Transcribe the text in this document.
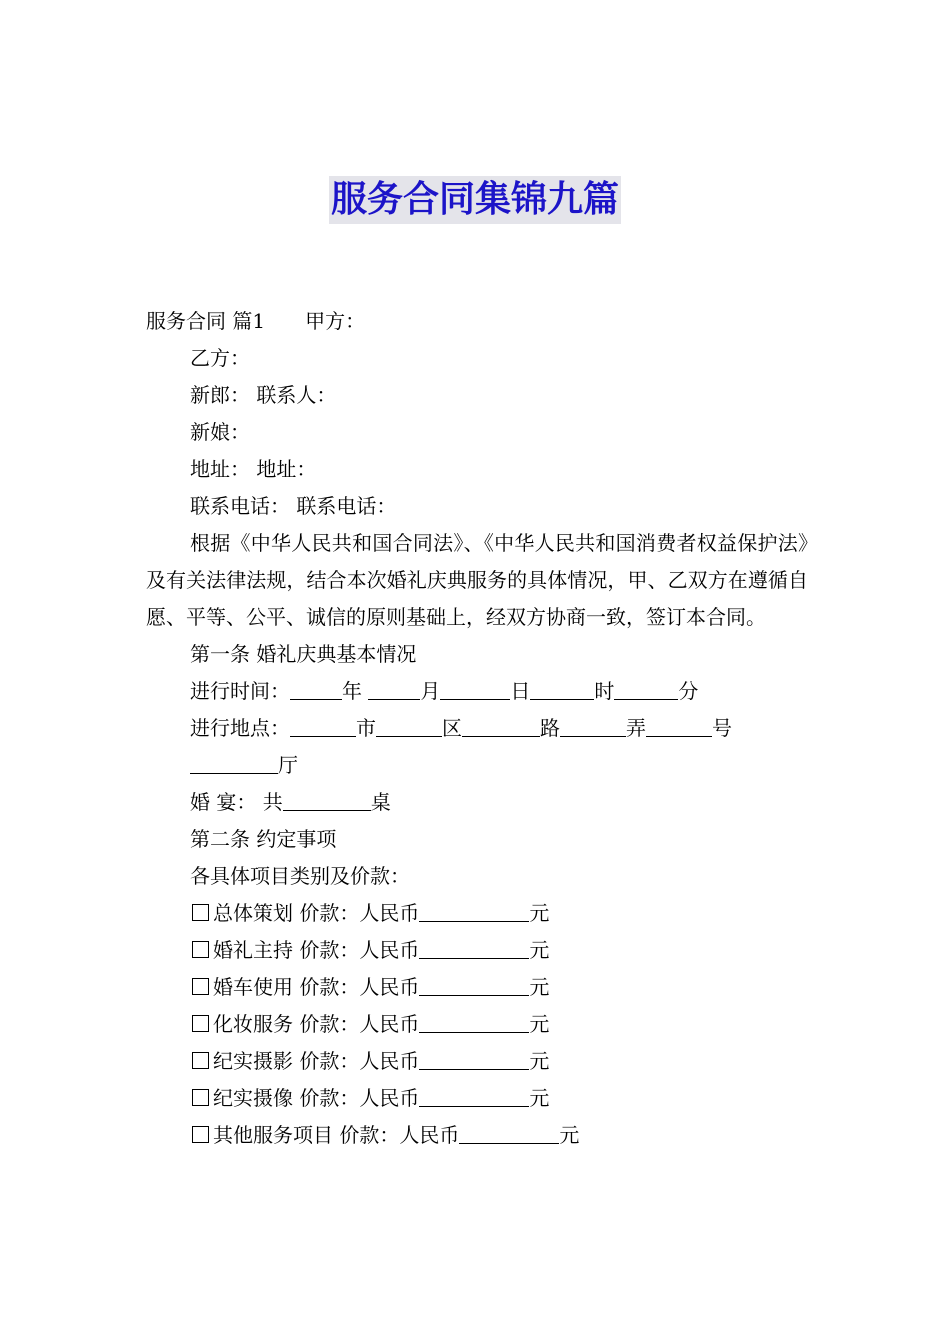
服务合同集锦九篇
服务合同 篇1 甲方：
乙方：
新郎： 联系人：
新娘：
地址： 地址：
联系电话： 联系电话：
根据《中华人民共和国合同法》、《中华人民共和国消费者权益保护法》及有关法律法规，结合本次婚礼庆典服务的具体情况，甲、乙双方在遵循自愿、平等、公平、诚信的原则基础上，经双方协商一致，签订本合同。
第一条 婚礼庆典基本情况
进行时间：	年	月	日	时	分
进行地点：	市	区	路	弄	号
厅
婚 宴： 共	桌
第二条 约定事项
各具体项目类别及价款：
总体策划 价款：人民币	元
婚礼主持 价款：人民币	元
婚车使用 价款：人民币	元
化妆服务 价款：人民币	元
纪实摄影 价款：人民币	元
纪实摄像 价款：人民币	元
其他服务项目 价款：人民币	元
